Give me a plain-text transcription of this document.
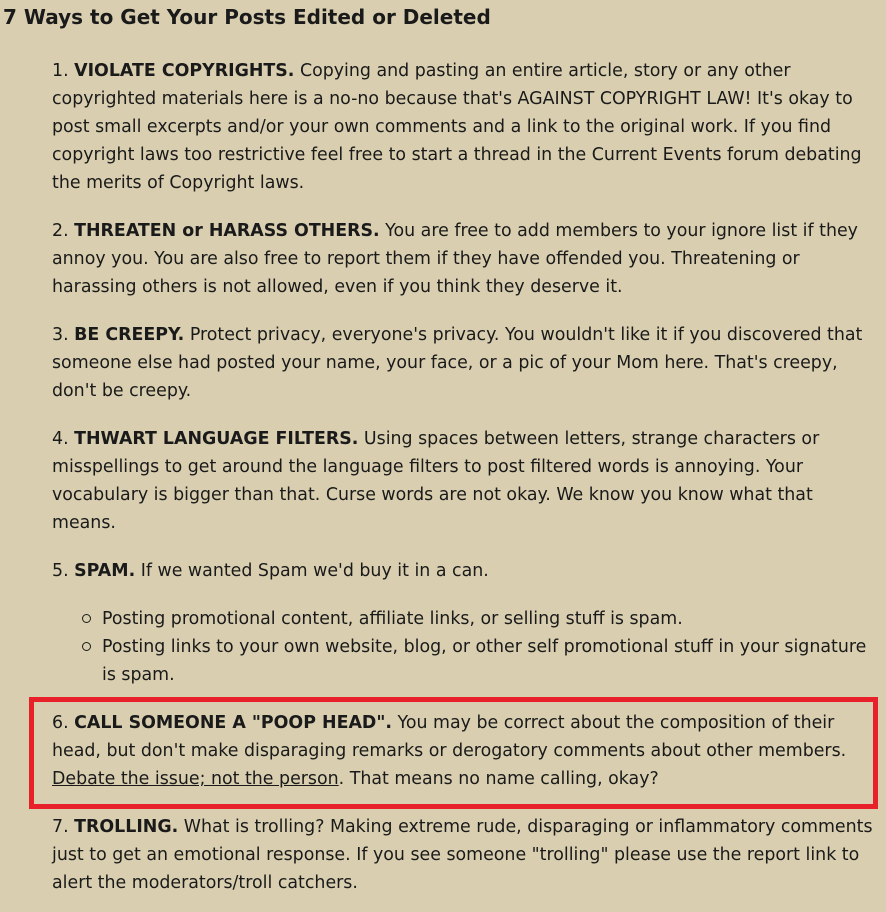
7 Ways to Get Your Posts Edited or Deleted

1. VIOLATE COPYRIGHTS. Copying and pasting an entire article, story or any other copyrighted materials here is a no-no because that's AGAINST COPYRIGHT LAW! It's okay to post small excerpts and/or your own comments and a link to the original work. If you find copyright laws too restrictive feel free to start a thread in the Current Events forum debating the merits of Copyright laws.

2. THREATEN or HARASS OTHERS. You are free to add members to your ignore list if they annoy you. You are also free to report them if they have offended you. Threatening or harassing others is not allowed, even if you think they deserve it.

3. BE CREEPY. Protect privacy, everyone's privacy. You wouldn't like it if you discovered that someone else had posted your name, your face, or a pic of your Mom here. That's creepy, don't be creepy.

4. THWART LANGUAGE FILTERS. Using spaces between letters, strange characters or misspellings to get around the language filters to post filtered words is annoying. Your vocabulary is bigger than that. Curse words are not okay. We know you know what that means.

5. SPAM. If we wanted Spam we'd buy it in a can.

Posting promotional content, affiliate links, or selling stuff is spam.
Posting links to your own website, blog, or other self promotional stuff in your signature is spam.

6. CALL SOMEONE A "POOP HEAD". You may be correct about the composition of their head, but don't make disparaging remarks or derogatory comments about other members. Debate the issue; not the person. That means no name calling, okay?

7. TROLLING. What is trolling? Making extreme rude, disparaging or inflammatory comments just to get an emotional response. If you see someone "trolling" please use the report link to alert the moderators/troll catchers.
